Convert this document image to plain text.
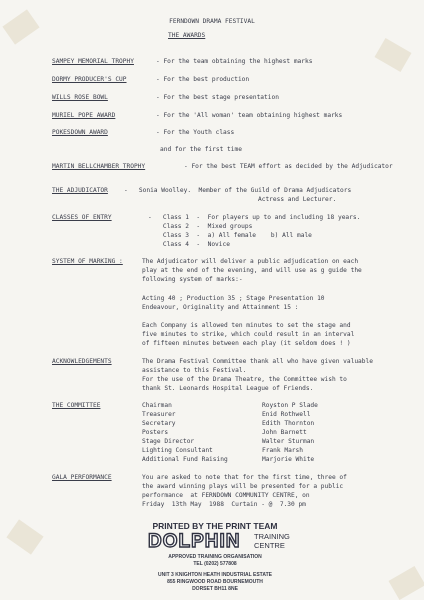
FERNDOWN DRAMA FESTIVAL
THE AWARDS
SAMPEY MEMORIAL TROPHY	- For the team obtaining the highest marks
DORMY PRODUCER'S CUP	- For the best production
WILLS ROSE BOWL	- For the best stage presentation
MURIEL POPE AWARD	- For the 'All woman' team obtaining highest marks
POKESDOWN AWARD	- For the Youth class
and for the first time
MARTIN BELLCHAMBER TROPHY	- For the best TEAM effort as decided by the Adjudicator
THE ADJUDICATOR	-   Sonia Woolley.  Member of the Guild of Drama Adjudicators
Actress and Lecturer.
CLASSES OF ENTRY	-   Class 1  -  For players up to and including 18 years.
Class 2  -  Mixed groups
Class 3  -  a) All female    b) All male
Class 4  -  Novice
SYSTEM OF MARKING :	The Adjudicator will deliver a public adjudication on each
play at the end of the evening, and will use as g guide the
following system of marks:-
Acting 40 ; Production 35 ; Stage Presentation 10
Endeavour, Originality and Attainment 15 :
Each Company is allowed ten minutes to set the stage and
five minutes to strike, which could result in an interval
of fifteen minutes between each play (it seldom does ! )
ACKNOWLEDGEMENTS	The Drama Festival Committee thank all who have given valuable
assistance to this Festival.
For the use of the Drama Theatre, the Committee wish to
thank St. Leonards Hospital League of Friends.
THE COMMITTEE	Chairman	Royston P Slade
Treasurer	Enid Rothwell
Secretary	Edith Thornton
Posters	John Barnett
Stage Director	Walter Sturman
Lighting Consultant	Frank Marsh
Additional Fund Raising	Marjorie White
GALA PERFORMANCE	You are asked to note that for the first time, three of
the award winning plays will be presented for a public
performance  at FERNDOWN COMMUNITY CENTRE, on
Friday  13th May  1988  Curtain - @  7.30 pm
PRINTED BY THE PRINT TEAM
DOLPHIN TRAINING
CENTRE
APPROVED TRAINING ORGANISATION
TEL (0202) 577808
UNIT 3 KNIGHTON HEATH INDUSTRIAL ESTATE
855 RINGWOOD ROAD BOURNEMOUTH
DORSET BH11 8NE
